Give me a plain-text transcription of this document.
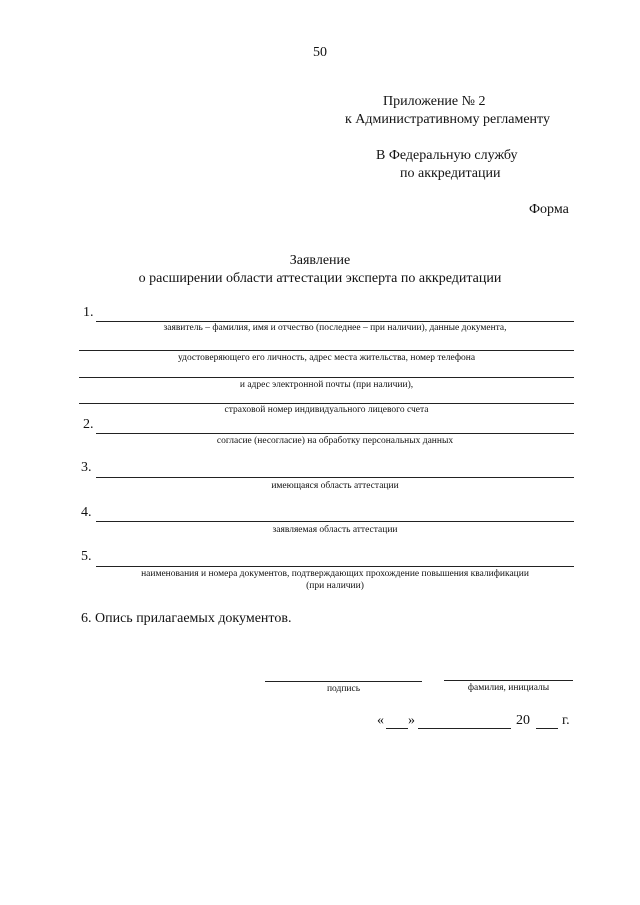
50
Приложение № 2
к Административному регламенту
В Федеральную службу
по аккредитации
Форма
Заявление
о расширении области аттестации эксперта по аккредитации
1.
заявитель – фамилия, имя и отчество (последнее – при наличии), данные документа,
удостоверяющего его личность, адрес места жительства, номер телефона
и адрес электронной почты (при наличии),
страховой номер индивидуального лицевого счета
2.
согласие (несогласие) на обработку персональных данных
3.
имеющаяся область аттестации
4.
заявляемая область аттестации
5.
наименования и номера документов, подтверждающих прохождение повышения квалификации
(при наличии)
6. Опись прилагаемых документов.
подпись	фамилия, инициалы
« »	20 г.
